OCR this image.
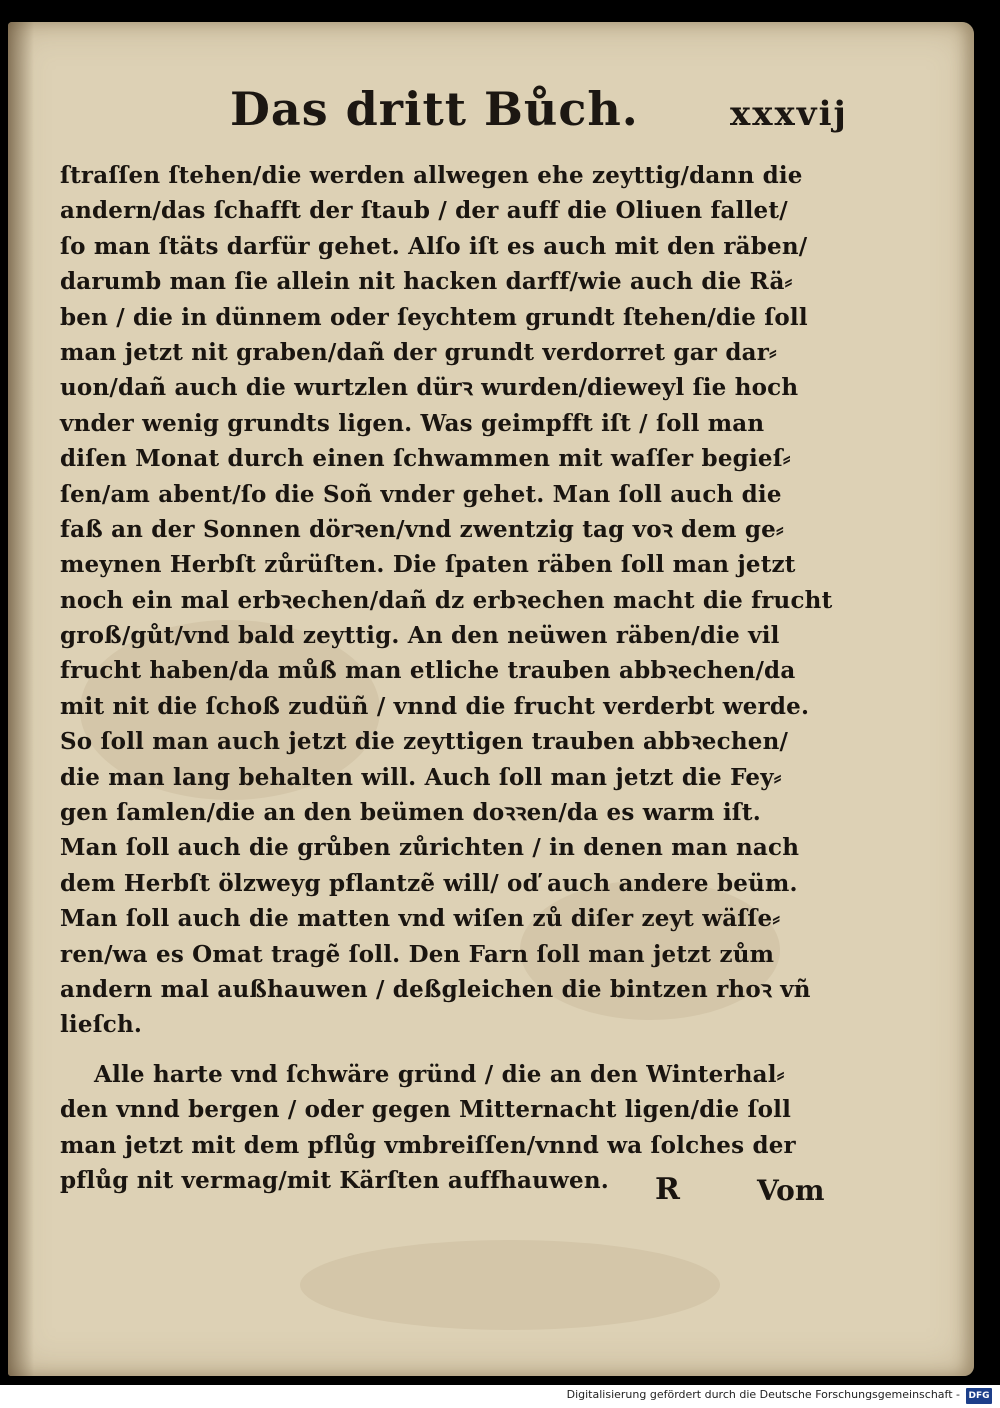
Das dritt Bůch.	xxxvij
ſtraſſen ſtehen/die werden allwegen ehe zeyttig/dann die
andern/das ſchafft der ſtaub / der auff die Oliuen fallet/
ſo man ſtäts darfür gehet. Alſo iſt es auch mit den räben/
darumb man ſie allein nit hacken darff/wie auch die Rä⸗
ben / die in dünnem oder ſeychtem grundt ſtehen/die ſoll
man jetzt nit graben/dañ der grundt verdorret gar dar⸗
uon/dañ auch die wurtzlen dürꝛ wurden/dieweyl ſie hoch
vnder wenig grundts ligen. Was geimpfft iſt / ſoll man
diſen Monat durch einen ſchwammen mit waſſer begieſ⸗
ſen/am abent/ſo die Soñ vnder gehet. Man ſoll auch die
faß an der Sonnen dörꝛen/vnd zwentzig tag voꝛ dem ge⸗
meynen Herbſt zůrüſten. Die ſpaten räben ſoll man jetzt
noch ein mal erbꝛechen/dañ dz erbꝛechen macht die frucht
groß/gůt/vnd bald zeyttig. An den neüwen räben/die vil
frucht haben/da můß man etliche trauben abbꝛechen/da
mit nit die ſchoß zudüñ / vnnd die frucht verderbt werde.
So ſoll man auch jetzt die zeyttigen trauben abbꝛechen/
die man lang behalten will. Auch ſoll man jetzt die Fey⸗
gen ſamlen/die an den beümen doꝛꝛen/da es warm iſt.
Man ſoll auch die grůben zůrichten / in denen man nach
dem Herbſt ölzweyg pflantzẽ will/ oď auch andere beüm.
Man ſoll auch die matten vnd wiſen zů diſer zeyt wäſſe⸗
ren/wa es Omat tragẽ ſoll. Den Farn ſoll man jetzt zům
andern mal außhauwen / deßgleichen die bintzen rhoꝛ vñ
lieſch.
Alle harte vnd ſchwäre gründ / die an den Winterhal⸗
den vnnd bergen / oder gegen Mitternacht ligen/die ſoll
man jetzt mit dem pflůg vmbreiſſen/vnnd wa ſolches der
pflůg nit vermag/mit Kärſten auffhauwen.	R	Vom
Digitalisierung gefördert durch die Deutsche Forschungsgemeinschaft - DFG
